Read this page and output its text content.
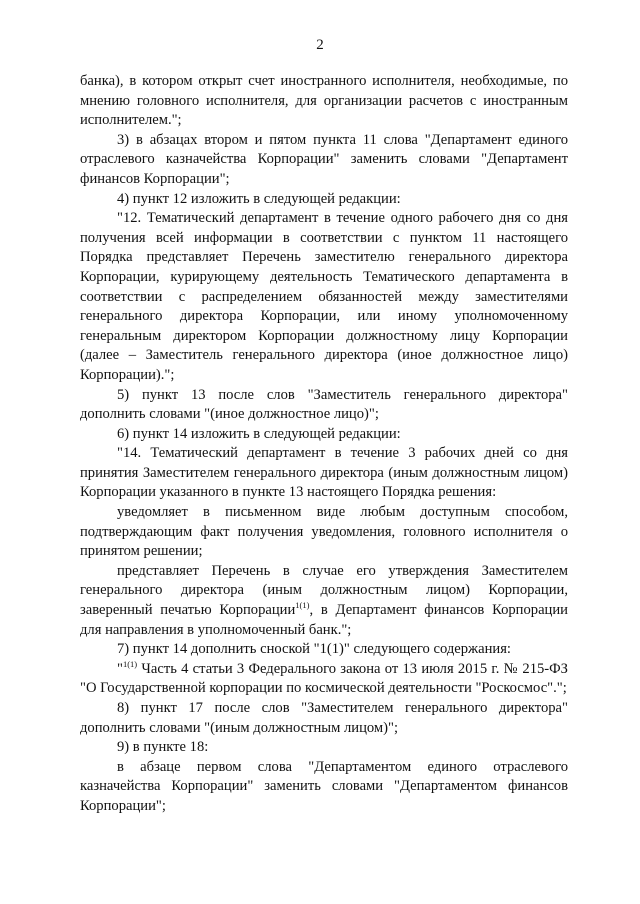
2

банка), в котором открыт счет иностранного исполнителя, необходимые, по мнению головного исполнителя, для организации расчетов с иностранным исполнителем.";

3) в абзацах втором и пятом пункта 11 слова "Департамент единого отраслевого казначейства Корпорации" заменить словами "Департамент финансов Корпорации";

4) пункт 12 изложить в следующей редакции:

"12. Тематический департамент в течение одного рабочего дня со дня получения всей информации в соответствии с пунктом 11 настоящего Порядка представляет Перечень заместителю генерального директора Корпорации, курирующему деятельность Тематического департамента в соответствии с распределением обязанностей между заместителями генерального директора Корпорации, или иному уполномоченному генеральным директором Корпорации должностному лицу Корпорации (далее – Заместитель генерального директора (иное должностное лицо) Корпорации).";

5) пункт 13 после слов "Заместитель генерального директора" дополнить словами "(иное должностное лицо)";

6) пункт 14 изложить в следующей редакции:

"14. Тематический департамент в течение 3 рабочих дней со дня принятия Заместителем генерального директора (иным должностным лицом) Корпорации указанного в пункте 13 настоящего Порядка решения:

уведомляет в письменном виде любым доступным способом, подтверждающим факт получения уведомления, головного исполнителя о принятом решении;

представляет Перечень в случае его утверждения Заместителем генерального директора (иным должностным лицом) Корпорации, заверенный печатью Корпорации$^{1(1)}$, в Департамент финансов Корпорации для направления в уполномоченный банк.";

7) пункт 14 дополнить сноской "1(1)" следующего содержания:

"$^{1(1)}$ Часть 4 статьи 3 Федерального закона от 13 июля 2015 г. № 215-ФЗ "О Государственной корпорации по космической деятельности "Роскосмос".";

8) пункт 17 после слов "Заместителем генерального директора" дополнить словами "(иным должностным лицом)";

9) в пункте 18:

в абзаце первом слова "Департаментом единого отраслевого казначейства Корпорации" заменить словами "Департаментом финансов Корпорации";
